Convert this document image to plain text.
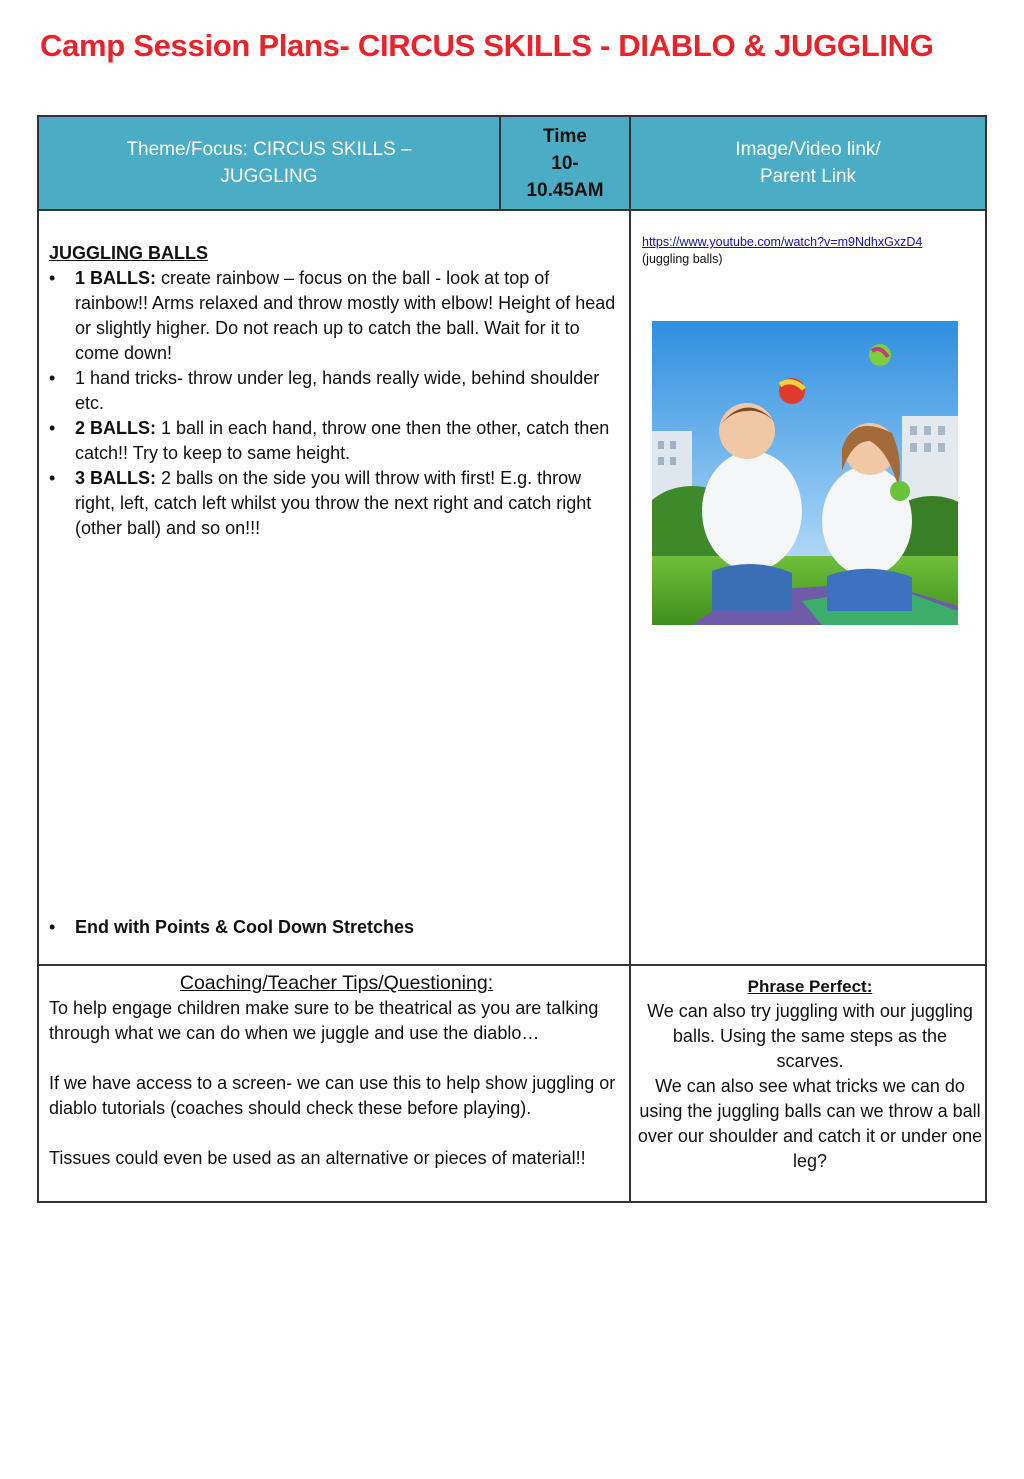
Camp Session Plans- CIRCUS SKILLS - DIABLO & JUGGLING
Theme/Focus: CIRCUS SKILLS –
JUGGLING
Time
10-
10.45AM
Image/Video link/
Parent Link
JUGGLING BALLS
• 1 BALLS: create rainbow – focus on the ball - look at top of rainbow!! Arms relaxed and throw mostly with elbow! Height of head or slightly higher. Do not reach up to catch the ball. Wait for it to come down!
• 1 hand tricks- throw under leg, hands really wide, behind shoulder etc.
• 2 BALLS: 1 ball in each hand, throw one then the other, catch then catch!! Try to keep to same height.
• 3 BALLS: 2 balls on the side you will throw with first! E.g. throw right, left, catch left whilst you throw the next right and catch right (other ball) and so on!!!
• End with Points & Cool Down Stretches
https://www.youtube.com/watch?v=m9NdhxGxzD4
(juggling balls)
Coaching/Teacher Tips/Questioning:

To help engage children make sure to be theatrical as you are talking through what we can do when we juggle and use the diablo…

If we have access to a screen- we can use this to help show juggling or diablo tutorials (coaches should check these before playing).

Tissues could even be used as an alternative or pieces of material!!

Phrase Perfect:
We can also try juggling with our juggling balls. Using the same steps as the scarves.
We can also see what tricks we can do using the juggling balls can we throw a ball over our shoulder and catch it or under one leg?
